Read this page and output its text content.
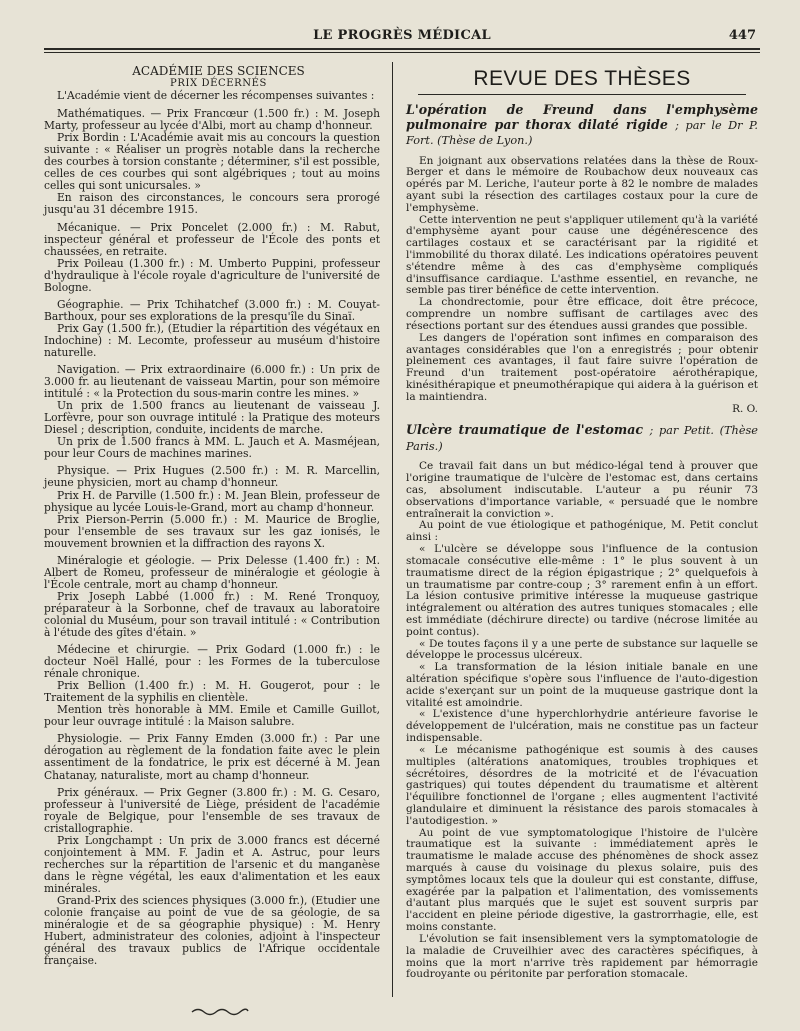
LE PROGRÈS MÉDICAL	447

ACADÉMIE DES SCIENCES

PRIX DÉCERNÉS

L'Académie vient de décerner les récompenses suivantes :

Mathématiques. — Prix Francœur (1.500 fr.) : M. Joseph Marty, professeur au lycée d'Albi, mort au champ d'honneur.

Prix Bordin : L'Académie avait mis au concours la question suivante : « Réaliser un progrès notable dans la recherche des courbes à torsion constante ; déterminer, s'il est possible, celles de ces courbes qui sont algébriques ; tout au moins celles qui sont unicursales. »

En raison des circonstances, le concours sera prorogé jusqu'au 31 décembre 1915.

Mécanique. — Prix Poncelet (2.000 fr.) : M. Rabut, inspecteur général et professeur de l'École des ponts et chaussées, en retraite.

Prix Poileau (1.300 fr.) : M. Umberto Puppini, professeur d'hydraulique à l'école royale d'agriculture de l'université de Bologne.

Géographie. — Prix Tchihatchef (3.000 fr.) : M. Couyat-Barthoux, pour ses explorations de la presqu'île du Sinaï.

Prix Gay (1.500 fr.), (Etudier la répartition des végétaux en Indochine) : M. Lecomte, professeur au muséum d'histoire naturelle.

Navigation. — Prix extraordinaire (6.000 fr.) : Un prix de 3.000 fr. au lieutenant de vaisseau Martin, pour son mémoire intitulé : « la Protection du sous-marin contre les mines. »

Un prix de 1.500 francs au lieutenant de vaisseau J. Lorfèvre, pour son ouvrage intitulé : la Pratique des moteurs Diesel ; description, conduite, incidents de marche.

Un prix de 1.500 francs à MM. L. Jauch et A. Masméjean, pour leur Cours de machines marines.

Physique. — Prix Hugues (2.500 fr.) : M. R. Marcellin, jeune physicien, mort au champ d'honneur.

Prix H. de Parville (1.500 fr.) : M. Jean Blein, professeur de physique au lycée Louis-le-Grand, mort au champ d'honneur.

Prix Pierson-Perrin (5.000 fr.) : M. Maurice de Broglie, pour l'ensemble de ses travaux sur les gaz ionisés, le mouvement brownien et la diffraction des rayons X.

Minéralogie et géologie. — Prix Delesse (1.400 fr.) : M. Albert de Romeu, professeur de minéralogie et géologie à l'École centrale, mort au champ d'honneur.

Prix Joseph Labbé (1.000 fr.) : M. René Tronquoy, préparateur à la Sorbonne, chef de travaux au laboratoire colonial du Muséum, pour son travail intitulé : « Contribution à l'étude des gîtes d'étain. »

Médecine et chirurgie. — Prix Godard (1.000 fr.) : le docteur Noël Hallé, pour : les Formes de la tuberculose rénale chronique.

Prix Bellion (1.400 fr.) : M. H. Gougerot, pour : le Traitement de la syphilis en clientèle.

Mention très honorable à MM. Emile et Camille Guillot, pour leur ouvrage intitulé : la Maison salubre.

Physiologie. — Prix Fanny Emden (3.000 fr.) : Par une dérogation au règlement de la fondation faite avec le plein assentiment de la fondatrice, le prix est décerné à M. Jean Chatanay, naturaliste, mort au champ d'honneur.

Prix généraux. — Prix Gegner (3.800 fr.) : M. G. Cesaro, professeur à l'université de Liège, président de l'académie royale de Belgique, pour l'ensemble de ses travaux de cristallographie.

Prix Longchampt : Un prix de 3.000 francs est décerné conjointement à MM. F. Jadin et A. Astruc, pour leurs recherches sur la répartition de l'arsenic et du manganèse dans le règne végétal, les eaux d'alimentation et les eaux minérales.

Grand-Prix des sciences physiques (3.000 fr.), (Etudier une colonie française au point de vue de sa géologie, de sa minéralogie et de sa géographie physique) : M. Henry Hubert, administrateur des colonies, adjoint à l'inspecteur général des travaux publics de l'Afrique occidentale française.

REVUE DES THÈSES

L'opération de Freund dans l'emphysème pulmonaire par thorax dilaté rigide ; par le Dr P. Fort. (Thèse de Lyon.)

En joignant aux observations relatées dans la thèse de Roux-Berger et dans le mémoire de Roubachow deux nouveaux cas opérés par M. Leriche, l'auteur porte à 82 le nombre de malades ayant subi la résection des cartilages costaux pour la cure de l'emphysème.

Cette intervention ne peut s'appliquer utilement qu'à la variété d'emphysème ayant pour cause une dégénérescence des cartilages costaux et se caractérisant par la rigidité et l'immobilité du thorax dilaté. Les indications opératoires peuvent s'étendre même à des cas d'emphysème compliqués d'insuffisance cardiaque. L'asthme essentiel, en revanche, ne semble pas tirer bénéfice de cette intervention.

La chondrectomie, pour être efficace, doit être précoce, comprendre un nombre suffisant de cartilages avec des résections portant sur des étendues aussi grandes que possible.

Les dangers de l'opération sont infimes en comparaison des avantages considérables que l'on a enregistrés ; pour obtenir pleinement ces avantages, il faut faire suivre l'opération de Freund d'un traitement post-opératoire aérothérapique, kinésithérapique et pneumothérapique qui aidera à la guérison et la maintiendra.

R. O.

Ulcère traumatique de l'estomac ; par Petit. (Thèse Paris.)

Ce travail fait dans un but médico-légal tend à prouver que l'origine traumatique de l'ulcère de l'estomac est, dans certains cas, absolument indiscutable. L'auteur a pu réunir 73 observations d'importance variable, « persuadé que le nombre entraînerait la conviction ».

Au point de vue étiologique et pathogénique, M. Petit conclut ainsi :

« L'ulcère se développe sous l'influence de la contusion stomacale consécutive elle-même : 1° le plus souvent à un traumatisme direct de la région épigastrique ; 2° quelquefois à un traumatisme par contre-coup ; 3° rarement enfin à un effort. La lésion contusive primitive intéresse la muqueuse gastrique intégralement ou altération des autres tuniques stomacales ; elle est immédiate (déchirure directe) ou tardive (nécrose limitée au point contus).

« De toutes façons il y a une perte de substance sur laquelle se développe le processus ulcéreux.

« La transformation de la lésion initiale banale en une altération spécifique s'opère sous l'influence de l'auto-digestion acide s'exerçant sur un point de la muqueuse gastrique dont la vitalité est amoindrie.

« L'existence d'une hyperchlorhydrie antérieure favorise le développement de l'ulcération, mais ne constitue pas un facteur indispensable.

« Le mécanisme pathogénique est soumis à des causes multiples (altérations anatomiques, troubles trophiques et sécrétoires, désordres de la motricité et de l'évacuation gastriques) qui toutes dépendent du traumatisme et altèrent l'équilibre fonctionnel de l'organe ; elles augmentent l'activité glandulaire et diminuent la résistance des parois stomacales à l'autodigestion. »

Au point de vue symptomatologique l'histoire de l'ulcère traumatique est la suivante : immédiatement après le traumatisme le malade accuse des phénomènes de shock assez marqués à cause du voisinage du plexus solaire, puis des symptômes locaux tels que la douleur qui est constante, diffuse, exagérée par la palpation et l'alimentation, des vomissements d'autant plus marqués que le sujet est souvent surpris par l'accident en pleine période digestive, la gastrorrhagie, elle, est moins constante.

L'évolution se fait insensiblement vers la symptomatologie de la maladie de Cruveilhier avec des caractères spécifiques, à moins que la mort n'arrive très rapidement par hémorragie foudroyante ou péritonite par perforation stomacale.
